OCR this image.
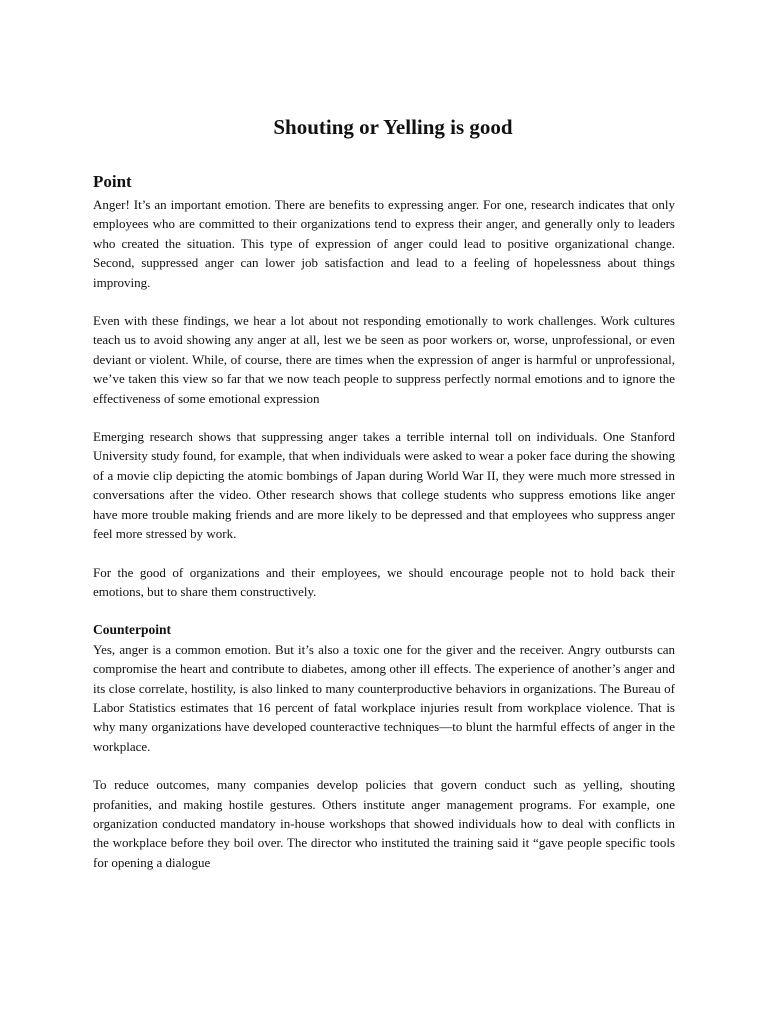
Shouting or Yelling is good
Point

Anger! It’s an important emotion. There are benefits to expressing anger. For one, research indicates that only employees who are committed to their organizations tend to express their anger, and generally only to leaders who created the situation. This type of expression of anger could lead to positive organizational change. Second, suppressed anger can lower job satisfaction and lead to a feeling of hopelessness about things improving.

Even with these findings, we hear a lot about not responding emotionally to work challenges. Work cultures teach us to avoid showing any anger at all, lest we be seen as poor workers or, worse, unprofessional, or even deviant or violent. While, of course, there are times when the expression of anger is harmful or unprofessional, we’ve taken this view so far that we now teach people to suppress perfectly normal emotions and to ignore the effectiveness of some emotional expression

Emerging research shows that suppressing anger takes a terrible internal toll on individuals. One Stanford University study found, for example, that when individuals were asked to wear a poker face during the showing of a movie clip depicting the atomic bombings of Japan during World War II, they were much more stressed in conversations after the video. Other research shows that college students who suppress emotions like anger have more trouble making friends and are more likely to be depressed and that employees who suppress anger feel more stressed by work.

For the good of organizations and their employees, we should encourage people not to hold back their emotions, but to share them constructively.

Counterpoint

Yes, anger is a common emotion. But it’s also a toxic one for the giver and the receiver. Angry outbursts can compromise the heart and contribute to diabetes, among other ill effects. The experience of another’s anger and its close correlate, hostility, is also linked to many counterproductive behaviors in organizations. The Bureau of Labor Statistics estimates that 16 percent of fatal workplace injuries result from workplace violence. That is why many organizations have developed counteractive techniques—to blunt the harmful effects of anger in the workplace.

To reduce outcomes, many companies develop policies that govern conduct such as yelling, shouting profanities, and making hostile gestures. Others institute anger management programs. For example, one organization conducted mandatory in-house workshops that showed individuals how to deal with conflicts in the workplace before they boil over. The director who instituted the training said it “gave people specific tools for opening a dialogue
